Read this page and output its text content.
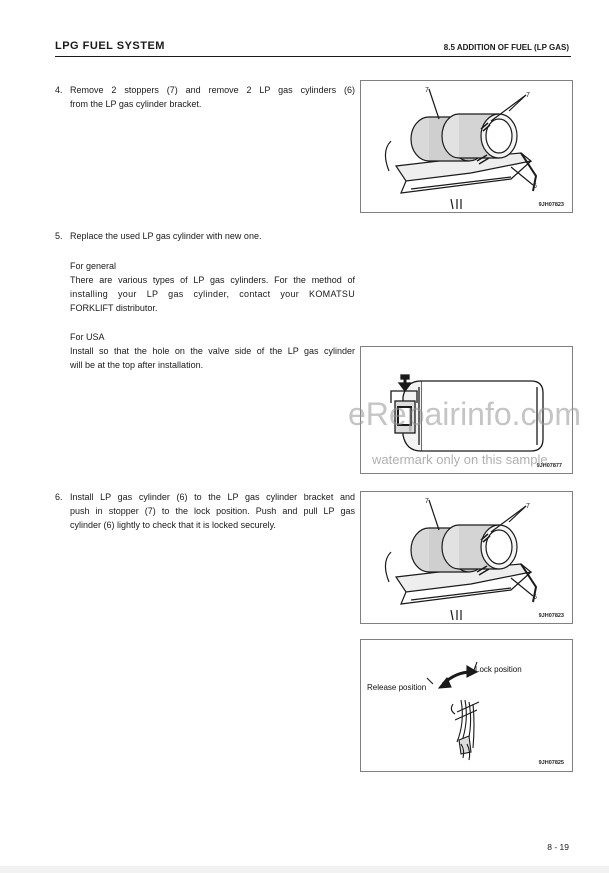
LPG FUEL SYSTEM	8.5 ADDITION OF FUEL (LP GAS)
4. Remove 2 stoppers (7) and remove 2 LP gas cylinders (6)
from the LP gas cylinder bracket.
7
7
6
9JH07823
5. Replace the used LP gas cylinder with new one.
For general
There are various types of LP gas cylinders. For the method of
installing your LP gas cylinder, contact your KOMATSU
FORKLIFT distributor.
For USA
Install so that the hole on the valve side of the LP gas cylinder
will be at the top after installation.
9JH07877
eRepairinfo.com
watermark only on this sample
6. Install LP gas cylinder (6) to the LP gas cylinder bracket and
push in stopper (7) to the lock position. Push and pull LP gas
cylinder (6) lightly to check that it is locked securely.
7
7
6
9JH07823
Lock position
Release position
9JH07825
8 - 19
